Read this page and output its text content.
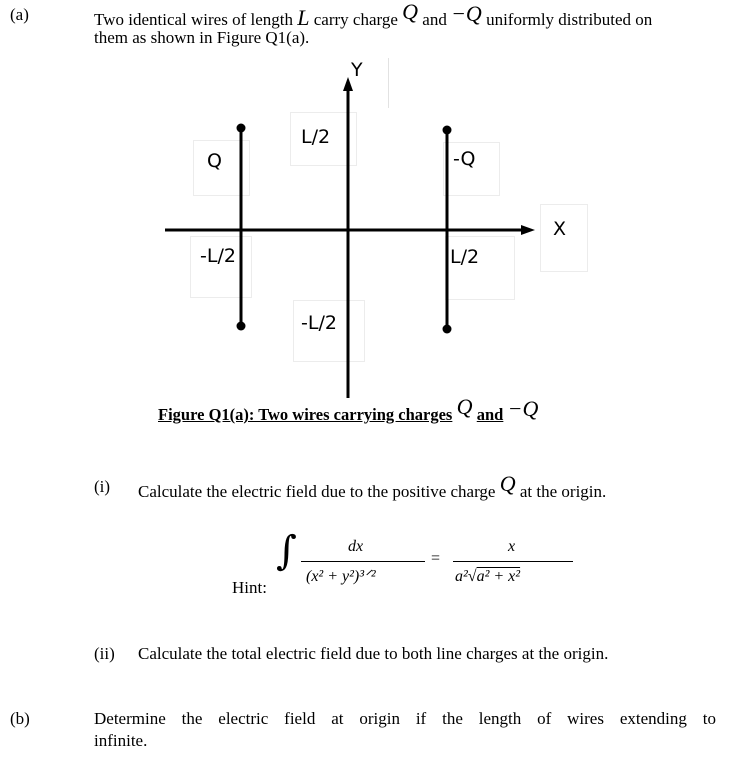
(a)	Two identical wires of length L carry charge Q and −Q uniformly distributed on
them as shown in Figure Q1(a).
Y
X
Q	-Q
L/2
-L/2
-L/2	L/2
Figure Q1(a): Two wires carrying charges Q and −Q
(i) Calculate the electric field due to the positive charge Q at the origin.
Hint:
∫	dx
(x² + y²)³ᐟ²
=
x
a²√a² + x²
(ii) Calculate the total electric field due to both line charges at the origin.
(b)	Determine the electric field at origin if the length of wires extending to
infinite.
